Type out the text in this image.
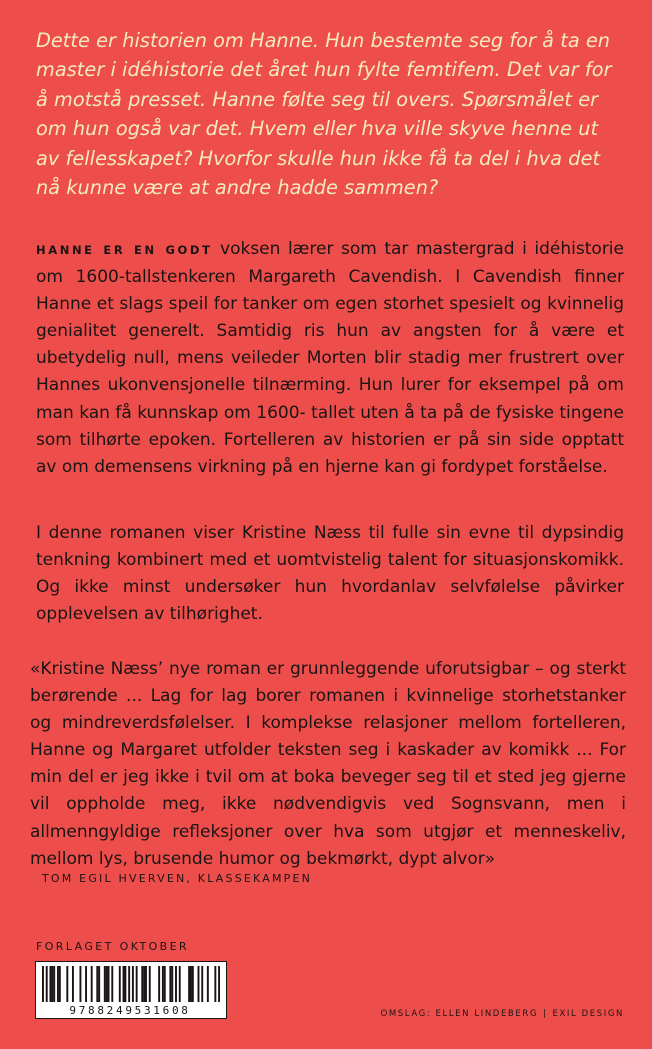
Dette er historien om Hanne. Hun bestemte seg for å ta en master i idéhistorie det året hun fylte femtifem. Det var for å motstå presset. Hanne følte seg til overs. Spørsmålet er om hun også var det. Hvem eller hva ville skyve henne ut av fellesskapet? Hvorfor skulle hun ikke få ta del i hva det nå kunne være at andre hadde sammen?

HANNE ER EN GODT voksen lærer som tar mastergrad i idéhistorie om 1600-tallstenkeren Margareth Cavendish. I Cavendish finner Hanne et slags speil for tanker om egen storhet spesielt og kvinnelig genialitet generelt. Samtidig ris hun av angsten for å være et ubetydelig null, mens veileder Morten blir stadig mer frustrert over Hannes ukonvensjonelle tilnærming. Hun lurer for eksempel på om man kan få kunnskap om 1600- tallet uten å ta på de fysiske tingene som tilhørte epoken. Fortelleren av historien er på sin side opptatt av om demensens virkning på en hjerne kan gi fordypet forståelse.

I denne romanen viser Kristine Næss til fulle sin evne til dypsindig tenkning kombinert med et uomtvistelig talent for situasjonskomikk. Og ikke minst undersøker hun hvordanlav selvfølelse påvirker opplevelsen av tilhørighet.

«Kristine Næss’ nye roman er grunnleggende uforutsigbar – og sterkt berørende ... Lag for lag borer romanen i kvinnelige storhetstanker og mindreverdsfølelser. I komplekse relasjoner mellom fortelleren, Hanne og Margaret utfolder teksten seg i kaskader av komikk ... For min del er jeg ikke i tvil om at boka beveger seg til et sted jeg gjerne vil oppholde meg, ikke nødvendigvis ved Sognsvann, men i allmenngyldige refleksjoner over hva som utgjør et menneskeliv, mellom lys, brusende humor og bekmørkt, dypt alvor»

TOM EGIL HVERVEN, KLASSEKAMPEN

FORLAGET OKTOBER

9788249531608	OMSLAG: ELLEN LINDEBERG | EXIL DESIGN
